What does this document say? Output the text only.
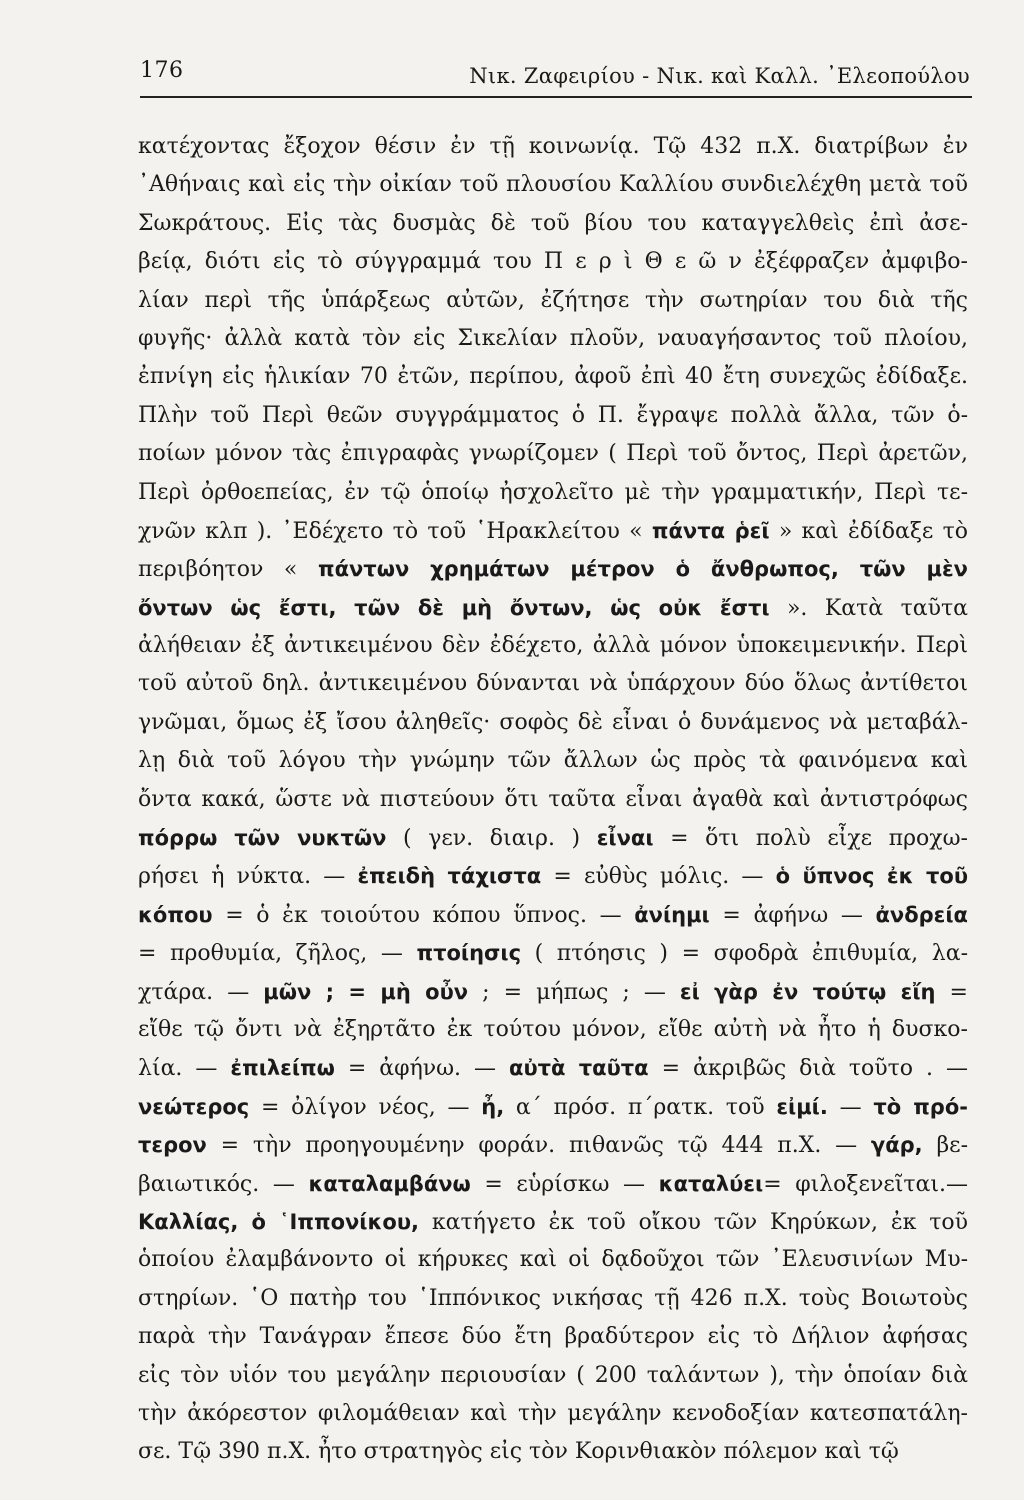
176	Νικ. Ζαφειρίου - Νικ. καὶ Καλλ. ᾿Ελεοπούλου
κατέχοντας ἔξοχον θέσιν ἐν τῇ κοινωνίᾳ. Τῷ 432 π.Χ. διατρίβων ἐν
᾿Αθήναις καὶ εἰς τὴν οἰκίαν τοῦ πλουσίου Καλλίου συνδιελέχθη μετὰ τοῦ
Σωκράτους. Εἰς τὰς δυσμὰς δὲ τοῦ βίου του καταγγελθεὶς ἐπὶ ἀσε-
βείᾳ, διότι εἰς τὸ σύγγραμμά του Π ε ρ ὶ Θ ε ῶ ν ἐξέφραζεν ἀμφιβο-
λίαν περὶ τῆς ὑπάρξεως αὐτῶν, ἐζήτησε τὴν σωτηρίαν του διὰ τῆς
φυγῆς· ἀλλὰ κατὰ τὸν εἰς Σικελίαν πλοῦν, ναυαγήσαντος τοῦ πλοίου,
ἐπνίγη εἰς ἡλικίαν 70 ἐτῶν, περίπου, ἀφοῦ ἐπὶ 40 ἔτη συνεχῶς ἐδίδαξε.
Πλὴν τοῦ Περὶ θεῶν συγγράμματος ὁ Π. ἔγραψε πολλὰ ἄλλα, τῶν ὁ-
ποίων μόνον τὰς ἐπιγραφὰς γνωρίζομεν ( Περὶ τοῦ ὄντος, Περὶ ἀρετῶν,
Περὶ ὀρθοεπείας, ἐν τῷ ὁποίῳ ἠσχολεῖτο μὲ τὴν γραμματικήν, Περὶ τε-
χνῶν κλπ ). ᾿Εδέχετο τὸ τοῦ ῾Ηρακλείτου « πάντα ῥεῖ » καὶ ἐδίδαξε τὸ
περιβόητον « πάντων χρημάτων μέτρον ὁ ἄνθρωπος, τῶν μὲν
ὄντων ὡς ἔστι, τῶν δὲ μὴ ὄντων, ὡς οὐκ ἔστι ». Κατὰ ταῦτα
ἀλήθειαν ἐξ ἀντικειμένου δὲν ἐδέχετο, ἀλλὰ μόνον ὑποκειμενικήν. Περὶ
τοῦ αὐτοῦ δηλ. ἀντικειμένου δύνανται νὰ ὑπάρχουν δύο ὅλως ἀντίθετοι
γνῶμαι, ὅμως ἐξ ἴσου ἀληθεῖς· σοφὸς δὲ εἶναι ὁ δυνάμενος νὰ μεταβάλ-
λῃ διὰ τοῦ λόγου τὴν γνώμην τῶν ἄλλων ὡς πρὸς τὰ φαινόμενα καὶ
ὄντα κακά, ὥστε νὰ πιστεύουν ὅτι ταῦτα εἶναι ἀγαθὰ καὶ ἀντιστρόφως
πόρρω τῶν νυκτῶν ( γεν. διαιρ. ) εἶναι = ὅτι πολὺ εἶχε προχω-
ρήσει ἡ νύκτα. — ἐπειδὴ τάχιστα = εὐθὺς μόλις. — ὁ ὕπνος ἐκ τοῦ
κόπου = ὁ ἐκ τοιούτου κόπου ὕπνος. — ἀνίημι = ἀφήνω — ἀνδρεία
= προθυμία, ζῆλος, — πτοίησις ( πτόησις ) = σφοδρὰ ἐπιθυμία, λα-
χτάρα. — μῶν ; = μὴ οὖν ; = μήπως ; — εἰ γὰρ ἐν τούτῳ εἴη =
εἴθε τῷ ὄντι νὰ ἐξηρτᾶτο ἐκ τούτου μόνον, εἴθε αὐτὴ νὰ ἦτο ἡ δυσκο-
λία. — ἐπιλείπω = ἀφήνω. — αὐτὰ ταῦτα = ἀκριβῶς διὰ τοῦτο . —
νεώτερος = ὀλίγον νέος, — ἦ, α΄ πρόσ. π΄ρατκ. τοῦ εἰμί. — τὸ πρό-
τερον = τὴν προηγουμένην φοράν. πιθανῶς τῷ 444 π.Χ. — γάρ, βε-
βαιωτικός. — καταλαμβάνω = εὑρίσκω — καταλύει= φιλοξενεῖται.—
Καλλίας, ὁ ῾Ιππονίκου, κατήγετο ἐκ τοῦ οἴκου τῶν Κηρύκων, ἐκ τοῦ
ὁποίου ἐλαμβάνοντο οἱ κήρυκες καὶ οἱ δᾳδοῦχοι τῶν ᾿Ελευσινίων Μυ-
στηρίων. ῾Ο πατὴρ του ῾Ιππόνικος νικήσας τῇ 426 π.Χ. τοὺς Βοιωτοὺς
παρὰ τὴν Τανάγραν ἔπεσε δύο ἔτη βραδύτερον εἰς τὸ Δήλιον ἀφήσας
εἰς τὸν υἱόν του μεγάλην περιουσίαν ( 200 ταλάντων ), τὴν ὁποίαν διὰ
τὴν ἀκόρεστον φιλομάθειαν καὶ τὴν μεγάλην κενοδοξίαν κατεσπατάλη-
σε. Τῷ 390 π.Χ. ἦτο στρατηγὸς εἰς τὸν Κορινθιακὸν πόλεμον καὶ τῷ
